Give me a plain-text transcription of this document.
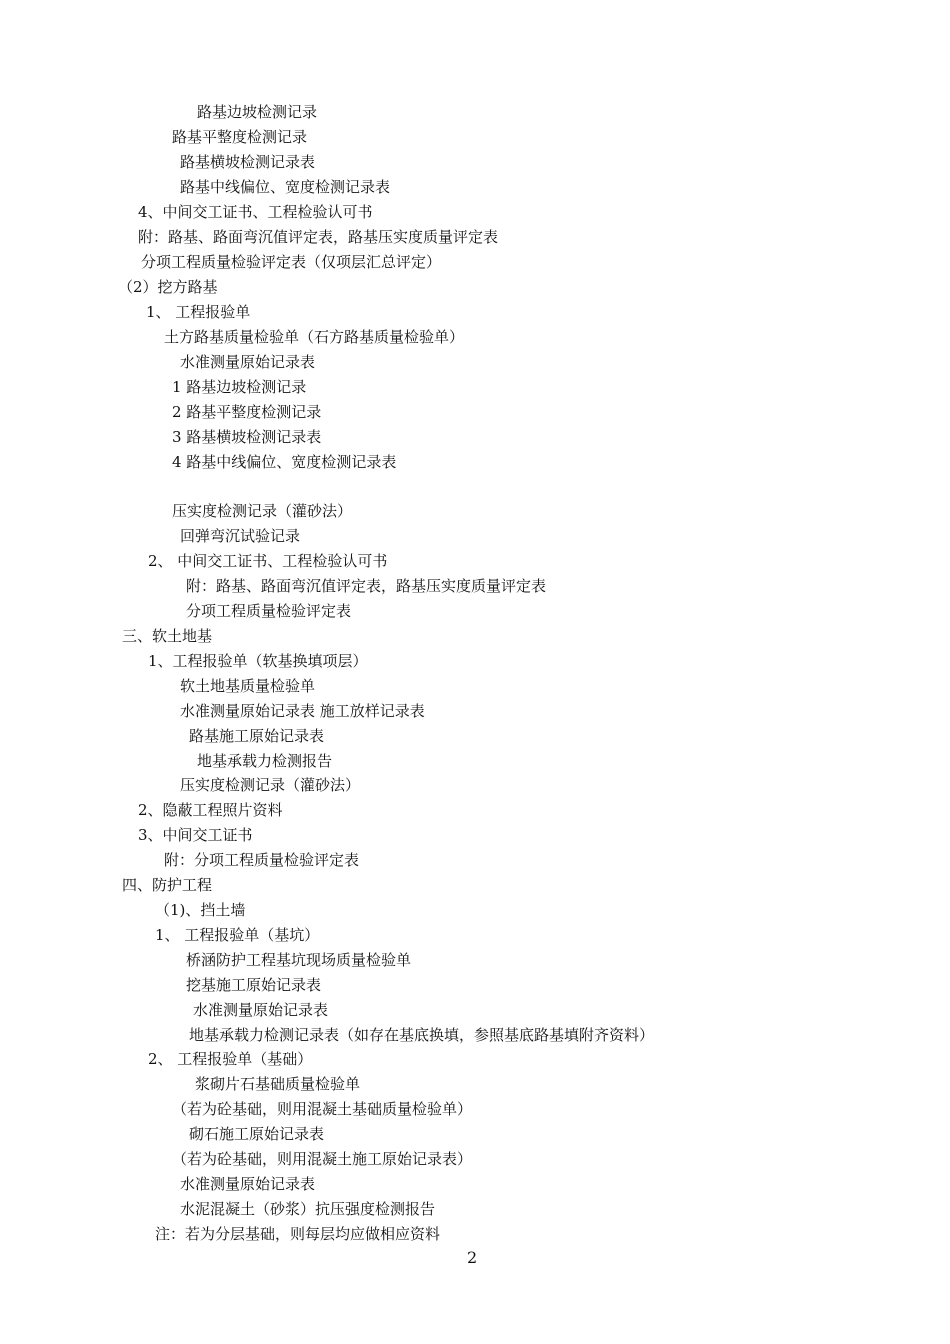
路基边坡检测记录
路基平整度检测记录
路基横坡检测记录表
路基中线偏位、宽度检测记录表
4、中间交工证书、工程检验认可书
附：路基、路面弯沉值评定表，路基压实度质量评定表
分项工程质量检验评定表（仅项层汇总评定）
（2）挖方路基
1、 工程报验单
土方路基质量检验单（石方路基质量检验单）
水准测量原始记录表
1 路基边坡检测记录
2 路基平整度检测记录
3 路基横坡检测记录表
4 路基中线偏位、宽度检测记录表
压实度检测记录（灌砂法）
回弹弯沉试验记录
2、 中间交工证书、工程检验认可书
附：路基、路面弯沉值评定表，路基压实度质量评定表
分项工程质量检验评定表
三、软土地基
1、工程报验单（软基换填项层）
软土地基质量检验单
水准测量原始记录表 施工放样记录表
路基施工原始记录表
地基承载力检测报告
压实度检测记录（灌砂法）
2、隐蔽工程照片资料
3、中间交工证书
附：分项工程质量检验评定表
四、防护工程
（1)、挡土墙
1、 工程报验单（基坑）
桥涵防护工程基坑现场质量检验单
挖基施工原始记录表
水准测量原始记录表
地基承载力检测记录表（如存在基底换填，参照基底路基填附齐资料）
2、 工程报验单（基础）
浆砌片石基础质量检验单
（若为砼基础，则用混凝土基础质量检验单）
砌石施工原始记录表
（若为砼基础，则用混凝土施工原始记录表）
水准测量原始记录表
水泥混凝土（砂浆）抗压强度检测报告
注：若为分层基础，则每层均应做相应资料
2
